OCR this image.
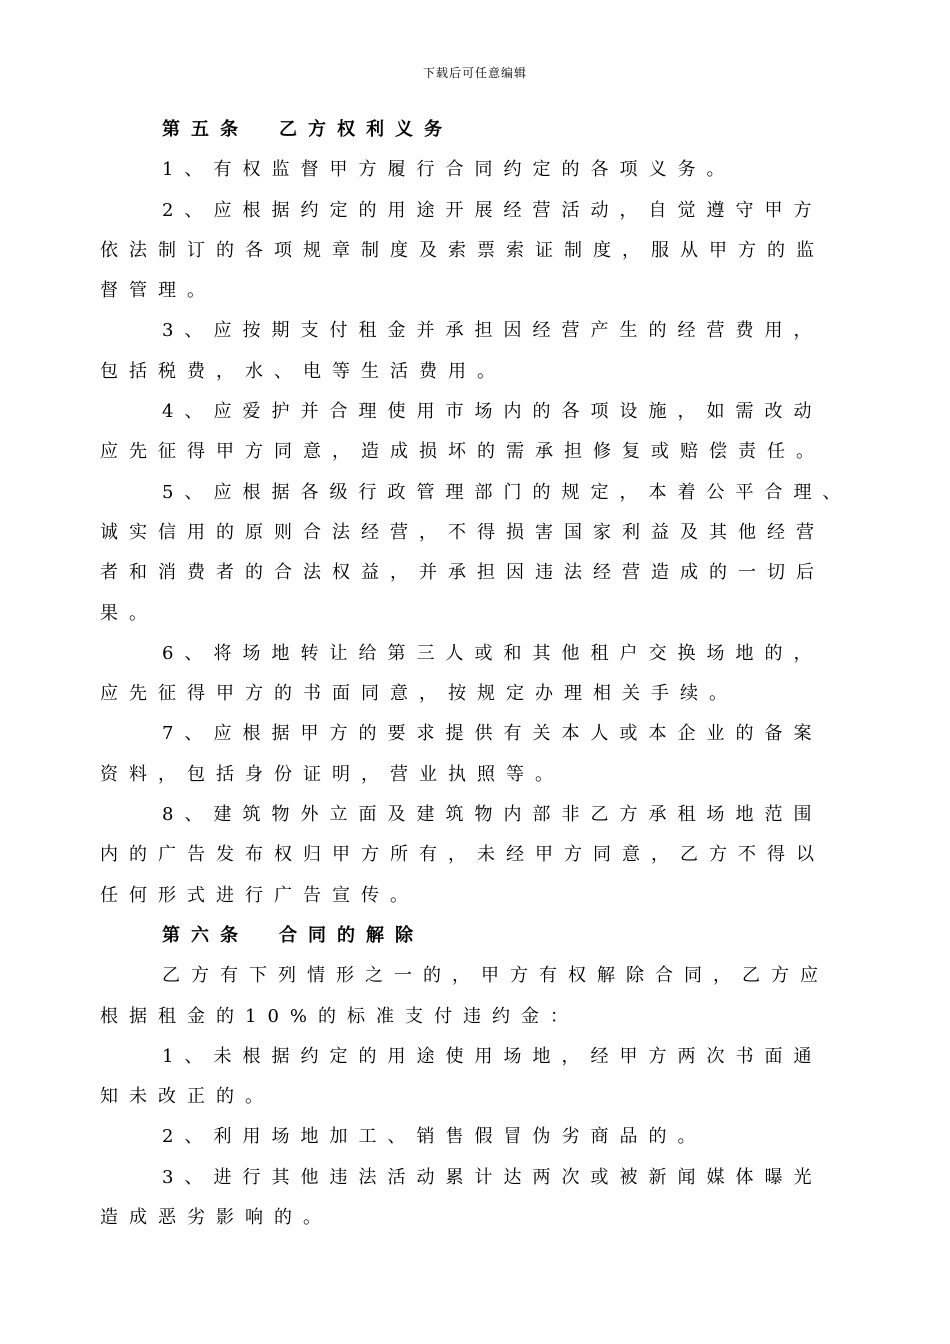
下载后可任意编辑
第五条 乙方权利义务
1、有权监督甲方履行合同约定的各项义务。
2、应根据约定的用途开展经营活动，自觉遵守甲方
依法制订的各项规章制度及索票索证制度，服从甲方的监
督管理。
3、应按期支付租金并承担因经营产生的经营费用，
包括税费，水、电等生活费用。
4、应爱护并合理使用市场内的各项设施，如需改动
应先征得甲方同意，造成损坏的需承担修复或赔偿责任。
5、应根据各级行政管理部门的规定，本着公平合理、
诚实信用的原则合法经营，不得损害国家利益及其他经营
者和消费者的合法权益，并承担因违法经营造成的一切后
果。
6、将场地转让给第三人或和其他租户交换场地的，
应先征得甲方的书面同意，按规定办理相关手续。
7、应根据甲方的要求提供有关本人或本企业的备案
资料，包括身份证明，营业执照等。
8、建筑物外立面及建筑物内部非乙方承租场地范围
内的广告发布权归甲方所有，未经甲方同意，乙方不得以
任何形式进行广告宣传。
第六条 合同的解除
乙方有下列情形之一的，甲方有权解除合同，乙方应
根据租金的10%的标准支付违约金：
1、未根据约定的用途使用场地，经甲方两次书面通
知未改正的。
2、利用场地加工、销售假冒伪劣商品的。
3、进行其他违法活动累计达两次或被新闻媒体曝光
造成恶劣影响的。
